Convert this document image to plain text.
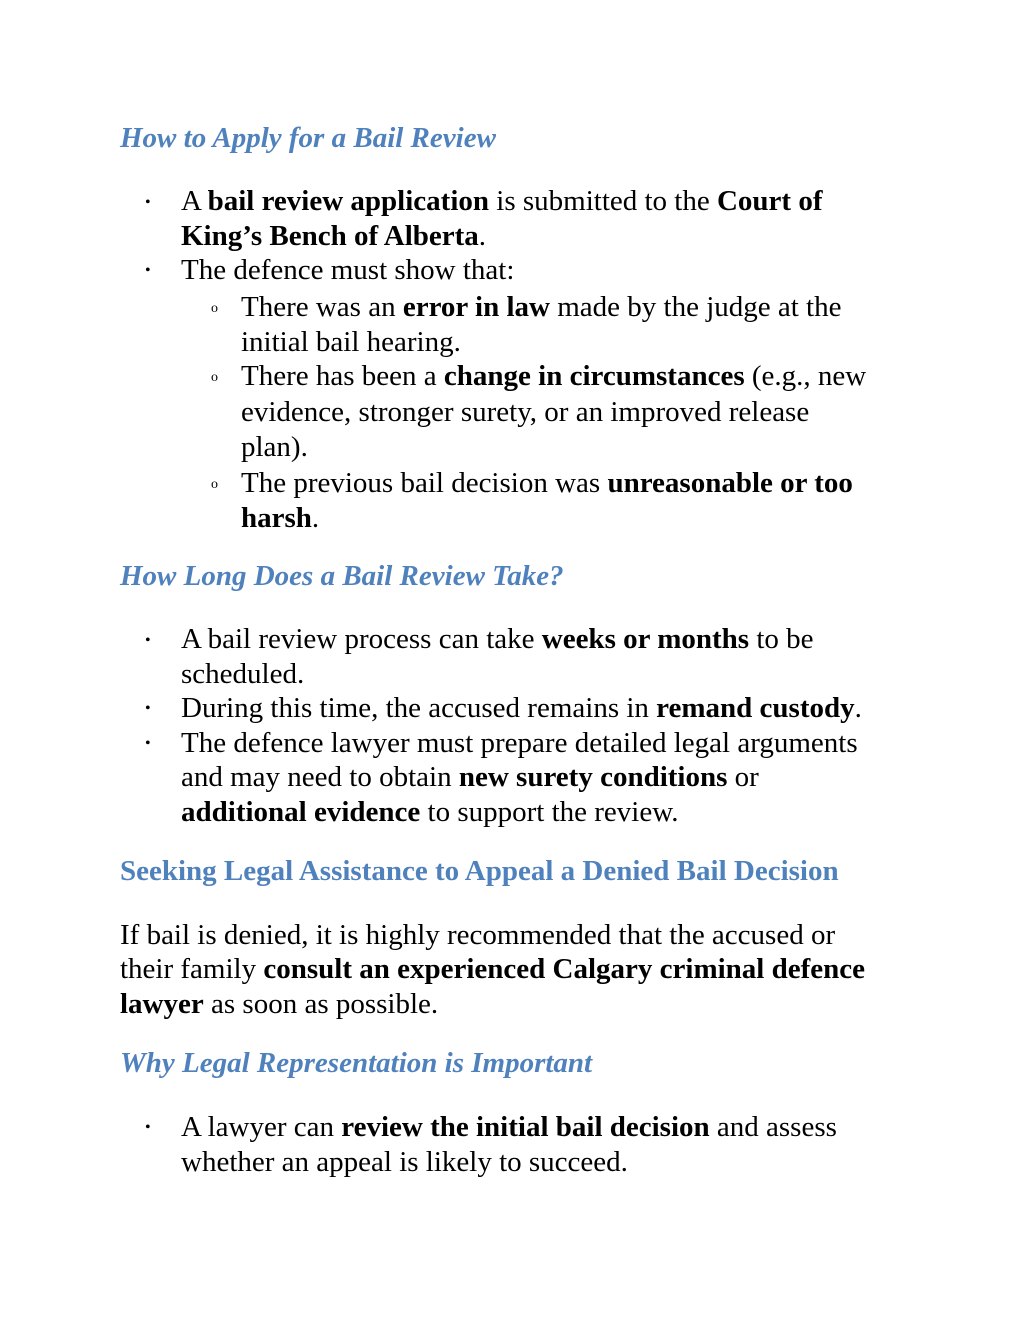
How to Apply for a Bail Review
• A bail review application is submitted to the Court of

King’s Bench of Alberta.

• The defence must show that:

o There was an error in law made by the judge at the

initial bail hearing.

o There has been a change in circumstances (e.g., new

evidence, stronger surety, or an improved release

plan).

o The previous bail decision was unreasonable or too

harsh.

How Long Does a Bail Review Take?
• A bail review process can take weeks or months to be

scheduled.

• During this time, the accused remains in remand custody.

• The defence lawyer must prepare detailed legal arguments

and may need to obtain new surety conditions or

additional evidence to support the review.

Seeking Legal Assistance to Appeal a Denied Bail Decision

If bail is denied, it is highly recommended that the accused or

their family consult an experienced Calgary criminal defence

lawyer as soon as possible.

Why Legal Representation is Important
• A lawyer can review the initial bail decision and assess

whether an appeal is likely to succeed.
